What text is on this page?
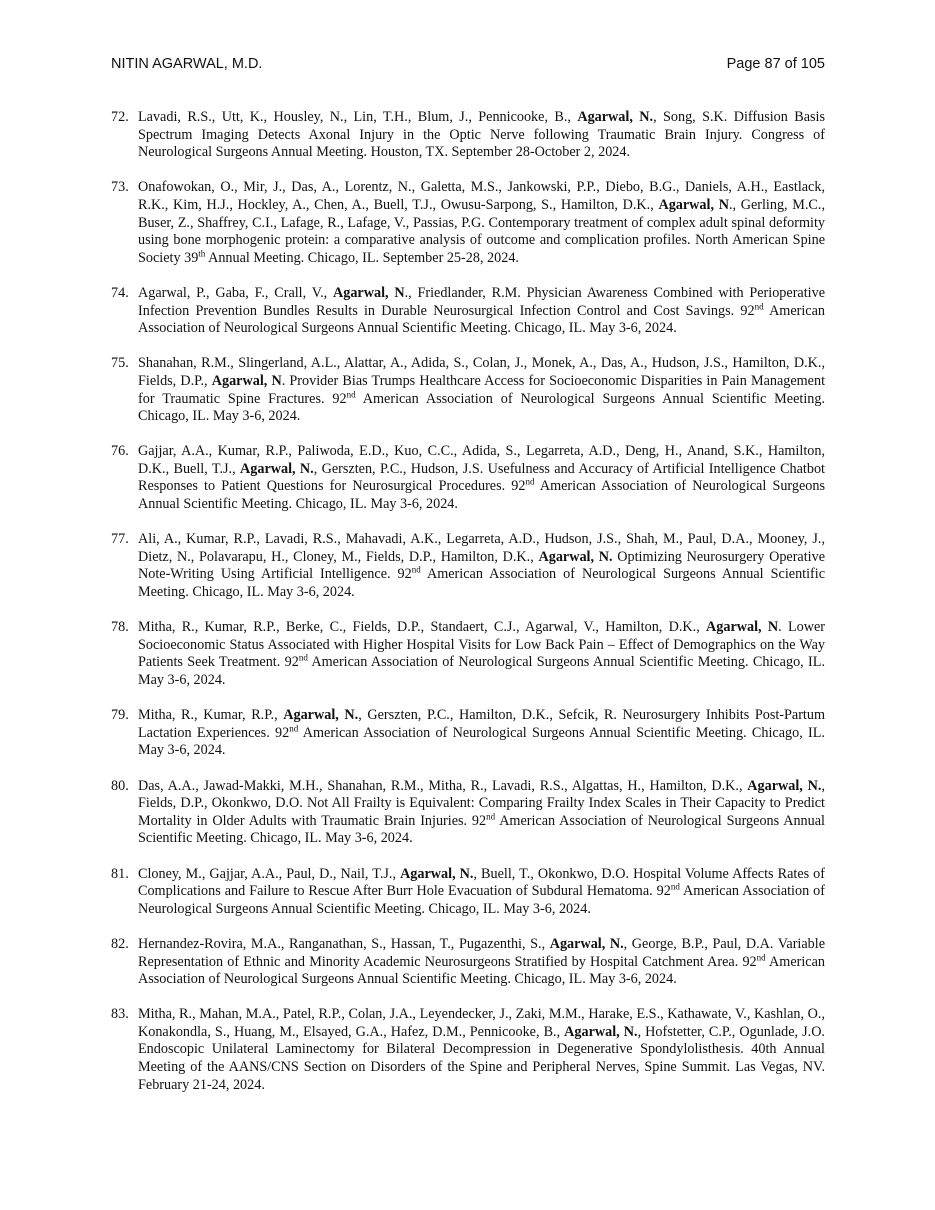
NITIN AGARWAL, M.D.	Page 87 of 105
72. Lavadi, R.S., Utt, K., Housley, N., Lin, T.H., Blum, J., Pennicooke, B., Agarwal, N., Song, S.K. Diffusion Basis Spectrum Imaging Detects Axonal Injury in the Optic Nerve following Traumatic Brain Injury. Congress of Neurological Surgeons Annual Meeting. Houston, TX. September 28-October 2, 2024.
73. Onafowokan, O., Mir, J., Das, A., Lorentz, N., Galetta, M.S., Jankowski, P.P., Diebo, B.G., Daniels, A.H., Eastlack, R.K., Kim, H.J., Hockley, A., Chen, A., Buell, T.J., Owusu-Sarpong, S., Hamilton, D.K., Agarwal, N., Gerling, M.C., Buser, Z., Shaffrey, C.I., Lafage, R., Lafage, V., Passias, P.G. Contemporary treatment of complex adult spinal deformity using bone morphogenic protein: a comparative analysis of outcome and complication profiles. North American Spine Society 39th Annual Meeting. Chicago, IL. September 25-28, 2024.
74. Agarwal, P., Gaba, F., Crall, V., Agarwal, N., Friedlander, R.M. Physician Awareness Combined with Perioperative Infection Prevention Bundles Results in Durable Neurosurgical Infection Control and Cost Savings. 92nd American Association of Neurological Surgeons Annual Scientific Meeting. Chicago, IL. May 3-6, 2024.
75. Shanahan, R.M., Slingerland, A.L., Alattar, A., Adida, S., Colan, J., Monek, A., Das, A., Hudson, J.S., Hamilton, D.K., Fields, D.P., Agarwal, N. Provider Bias Trumps Healthcare Access for Socioeconomic Disparities in Pain Management for Traumatic Spine Fractures. 92nd American Association of Neurological Surgeons Annual Scientific Meeting. Chicago, IL. May 3-6, 2024.
76. Gajjar, A.A., Kumar, R.P., Paliwoda, E.D., Kuo, C.C., Adida, S., Legarreta, A.D., Deng, H., Anand, S.K., Hamilton, D.K., Buell, T.J., Agarwal, N., Gerszten, P.C., Hudson, J.S. Usefulness and Accuracy of Artificial Intelligence Chatbot Responses to Patient Questions for Neurosurgical Procedures. 92nd American Association of Neurological Surgeons Annual Scientific Meeting. Chicago, IL. May 3-6, 2024.
77. Ali, A., Kumar, R.P., Lavadi, R.S., Mahavadi, A.K., Legarreta, A.D., Hudson, J.S., Shah, M., Paul, D.A., Mooney, J., Dietz, N., Polavarapu, H., Cloney, M., Fields, D.P., Hamilton, D.K., Agarwal, N. Optimizing Neurosurgery Operative Note-Writing Using Artificial Intelligence. 92nd American Association of Neurological Surgeons Annual Scientific Meeting. Chicago, IL. May 3-6, 2024.
78. Mitha, R., Kumar, R.P., Berke, C., Fields, D.P., Standaert, C.J., Agarwal, V., Hamilton, D.K., Agarwal, N. Lower Socioeconomic Status Associated with Higher Hospital Visits for Low Back Pain – Effect of Demographics on the Way Patients Seek Treatment. 92nd American Association of Neurological Surgeons Annual Scientific Meeting. Chicago, IL. May 3-6, 2024.
79. Mitha, R., Kumar, R.P., Agarwal, N., Gerszten, P.C., Hamilton, D.K., Sefcik, R. Neurosurgery Inhibits Post-Partum Lactation Experiences. 92nd American Association of Neurological Surgeons Annual Scientific Meeting. Chicago, IL. May 3-6, 2024.
80. Das, A.A., Jawad-Makki, M.H., Shanahan, R.M., Mitha, R., Lavadi, R.S., Algattas, H., Hamilton, D.K., Agarwal, N., Fields, D.P., Okonkwo, D.O. Not All Frailty is Equivalent: Comparing Frailty Index Scales in Their Capacity to Predict Mortality in Older Adults with Traumatic Brain Injuries. 92nd American Association of Neurological Surgeons Annual Scientific Meeting. Chicago, IL. May 3-6, 2024.
81. Cloney, M., Gajjar, A.A., Paul, D., Nail, T.J., Agarwal, N., Buell, T., Okonkwo, D.O. Hospital Volume Affects Rates of Complications and Failure to Rescue After Burr Hole Evacuation of Subdural Hematoma. 92nd American Association of Neurological Surgeons Annual Scientific Meeting. Chicago, IL. May 3-6, 2024.
82. Hernandez-Rovira, M.A., Ranganathan, S., Hassan, T., Pugazenthi, S., Agarwal, N., George, B.P., Paul, D.A. Variable Representation of Ethnic and Minority Academic Neurosurgeons Stratified by Hospital Catchment Area. 92nd American Association of Neurological Surgeons Annual Scientific Meeting. Chicago, IL. May 3-6, 2024.
83. Mitha, R., Mahan, M.A., Patel, R.P., Colan, J.A., Leyendecker, J., Zaki, M.M., Harake, E.S., Kathawate, V., Kashlan, O., Konakondla, S., Huang, M., Elsayed, G.A., Hafez, D.M., Pennicooke, B., Agarwal, N., Hofstetter, C.P., Ogunlade, J.O. Endoscopic Unilateral Laminectomy for Bilateral Decompression in Degenerative Spondylolisthesis. 40th Annual Meeting of the AANS/CNS Section on Disorders of the Spine and Peripheral Nerves, Spine Summit. Las Vegas, NV. February 21-24, 2024.
